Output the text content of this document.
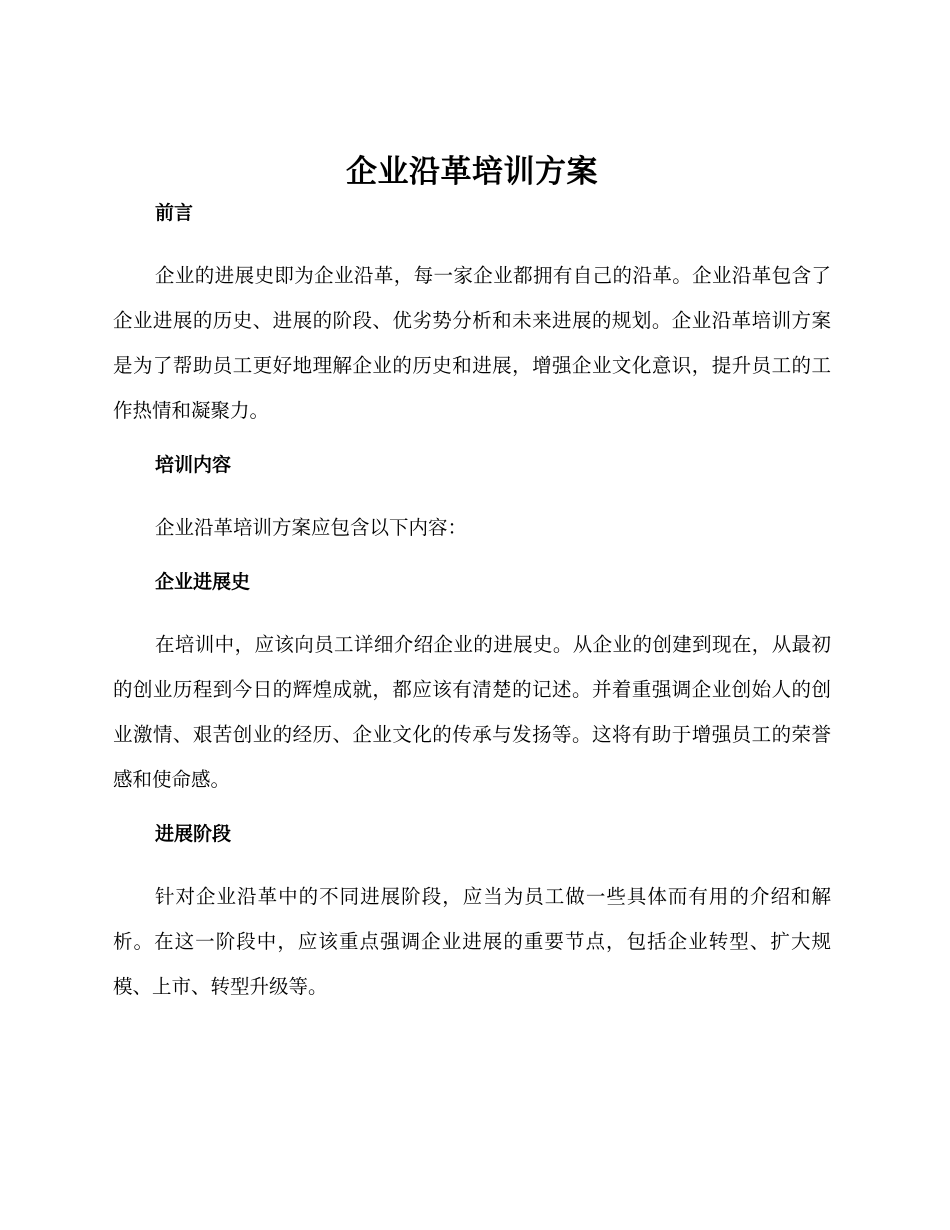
企业沿革培训方案
前言

企业的进展史即为企业沿革，每一家企业都拥有自己的沿革。企业沿革包含了企业进展的历史、进展的阶段、优劣势分析和未来进展的规划。企业沿革培训方案是为了帮助员工更好地理解企业的历史和进展，增强企业文化意识，提升员工的工作热情和凝聚力。

培训内容

企业沿革培训方案应包含以下内容：

企业进展史

在培训中，应该向员工详细介绍企业的进展史。从企业的创建到现在，从最初的创业历程到今日的辉煌成就，都应该有清楚的记述。并着重强调企业创始人的创业激情、艰苦创业的经历、企业文化的传承与发扬等。这将有助于增强员工的荣誉感和使命感。

进展阶段

针对企业沿革中的不同进展阶段，应当为员工做一些具体而有用的介绍和解析。在这一阶段中，应该重点强调企业进展的重要节点，包括企业转型、扩大规模、上市、转型升级等。
